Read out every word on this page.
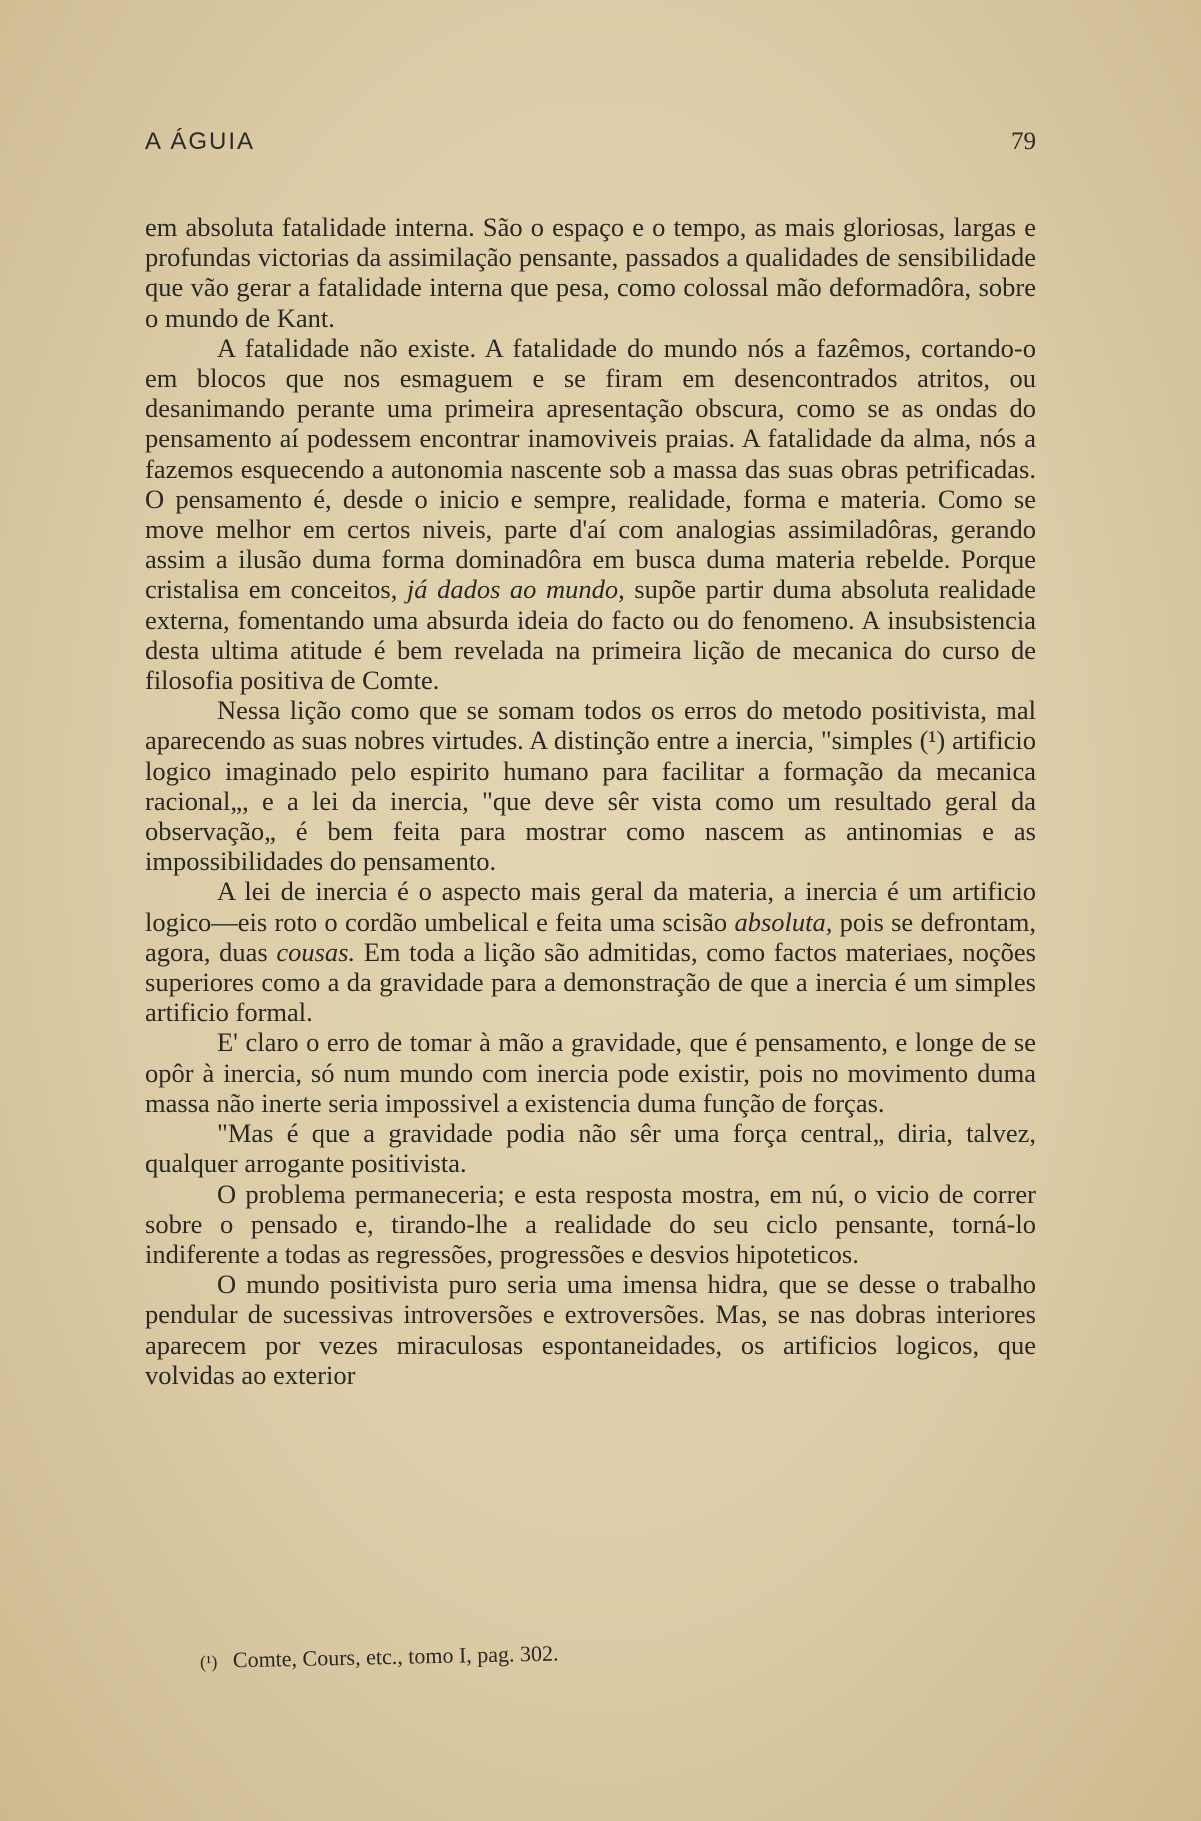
A ÁGUIA	79

em absoluta fatalidade interna. São o espaço e o tempo, as mais gloriosas, largas e profundas victorias da assimilação pensante, passados a qualidades de sensibilidade que vão gerar a fatalidade interna que pesa, como colossal mão deformadôra, sobre o mundo de Kant.

A fatalidade não existe. A fatalidade do mundo nós a fazêmos, cortando-o em blocos que nos esmaguem e se firam em desencontrados atritos, ou desanimando perante uma primeira apresentação obscura, como se as ondas do pensamento aí podessem encontrar inamoviveis praias. A fatalidade da alma, nós a fazemos esquecendo a autonomia nascente sob a massa das suas obras petrificadas. O pensamento é, desde o inicio e sempre, realidade, forma e materia. Como se move melhor em certos niveis, parte d'aí com analogias assimiladôras, gerando assim a ilusão duma forma dominadôra em busca duma materia rebelde. Porque cristalisa em conceitos, já dados ao mundo, supõe partir duma absoluta realidade externa, fomentando uma absurda ideia do facto ou do fenomeno. A insubsistencia desta ultima atitude é bem revelada na primeira lição de mecanica do curso de filosofia positiva de Comte.

Nessa lição como que se somam todos os erros do metodo positivista, mal aparecendo as suas nobres virtudes. A distinção entre a inercia, "simples (¹) artificio logico imaginado pelo espirito humano para facilitar a formação da mecanica racional„, e a lei da inercia, "que deve sêr vista como um resultado geral da observação„ é bem feita para mostrar como nascem as antinomias e as impossibilidades do pensamento.

A lei de inercia é o aspecto mais geral da materia, a inercia é um artificio logico—eis roto o cordão umbelical e feita uma scisão absoluta, pois se defrontam, agora, duas cousas. Em toda a lição são admitidas, como factos materiaes, noções superiores como a da gravidade para a demonstração de que a inercia é um simples artificio formal.

E' claro o erro de tomar à mão a gravidade, que é pensamento, e longe de se opôr à inercia, só num mundo com inercia pode existir, pois no movimento duma massa não inerte seria impossivel a existencia duma função de forças.

"Mas é que a gravidade podia não sêr uma força central„ diria, talvez, qualquer arrogante positivista.

O problema permaneceria; e esta resposta mostra, em nú, o vicio de correr sobre o pensado e, tirando-lhe a realidade do seu ciclo pensante, torná-lo indiferente a todas as regressões, progressões e desvios hipoteticos.

O mundo positivista puro seria uma imensa hidra, que se desse o trabalho pendular de sucessivas introversões e extroversões. Mas, se nas dobras interiores aparecem por vezes miraculosas espontaneidades, os artificios logicos, que volvidas ao exterior

(¹) Comte, Cours, etc., tomo I, pag. 302.
